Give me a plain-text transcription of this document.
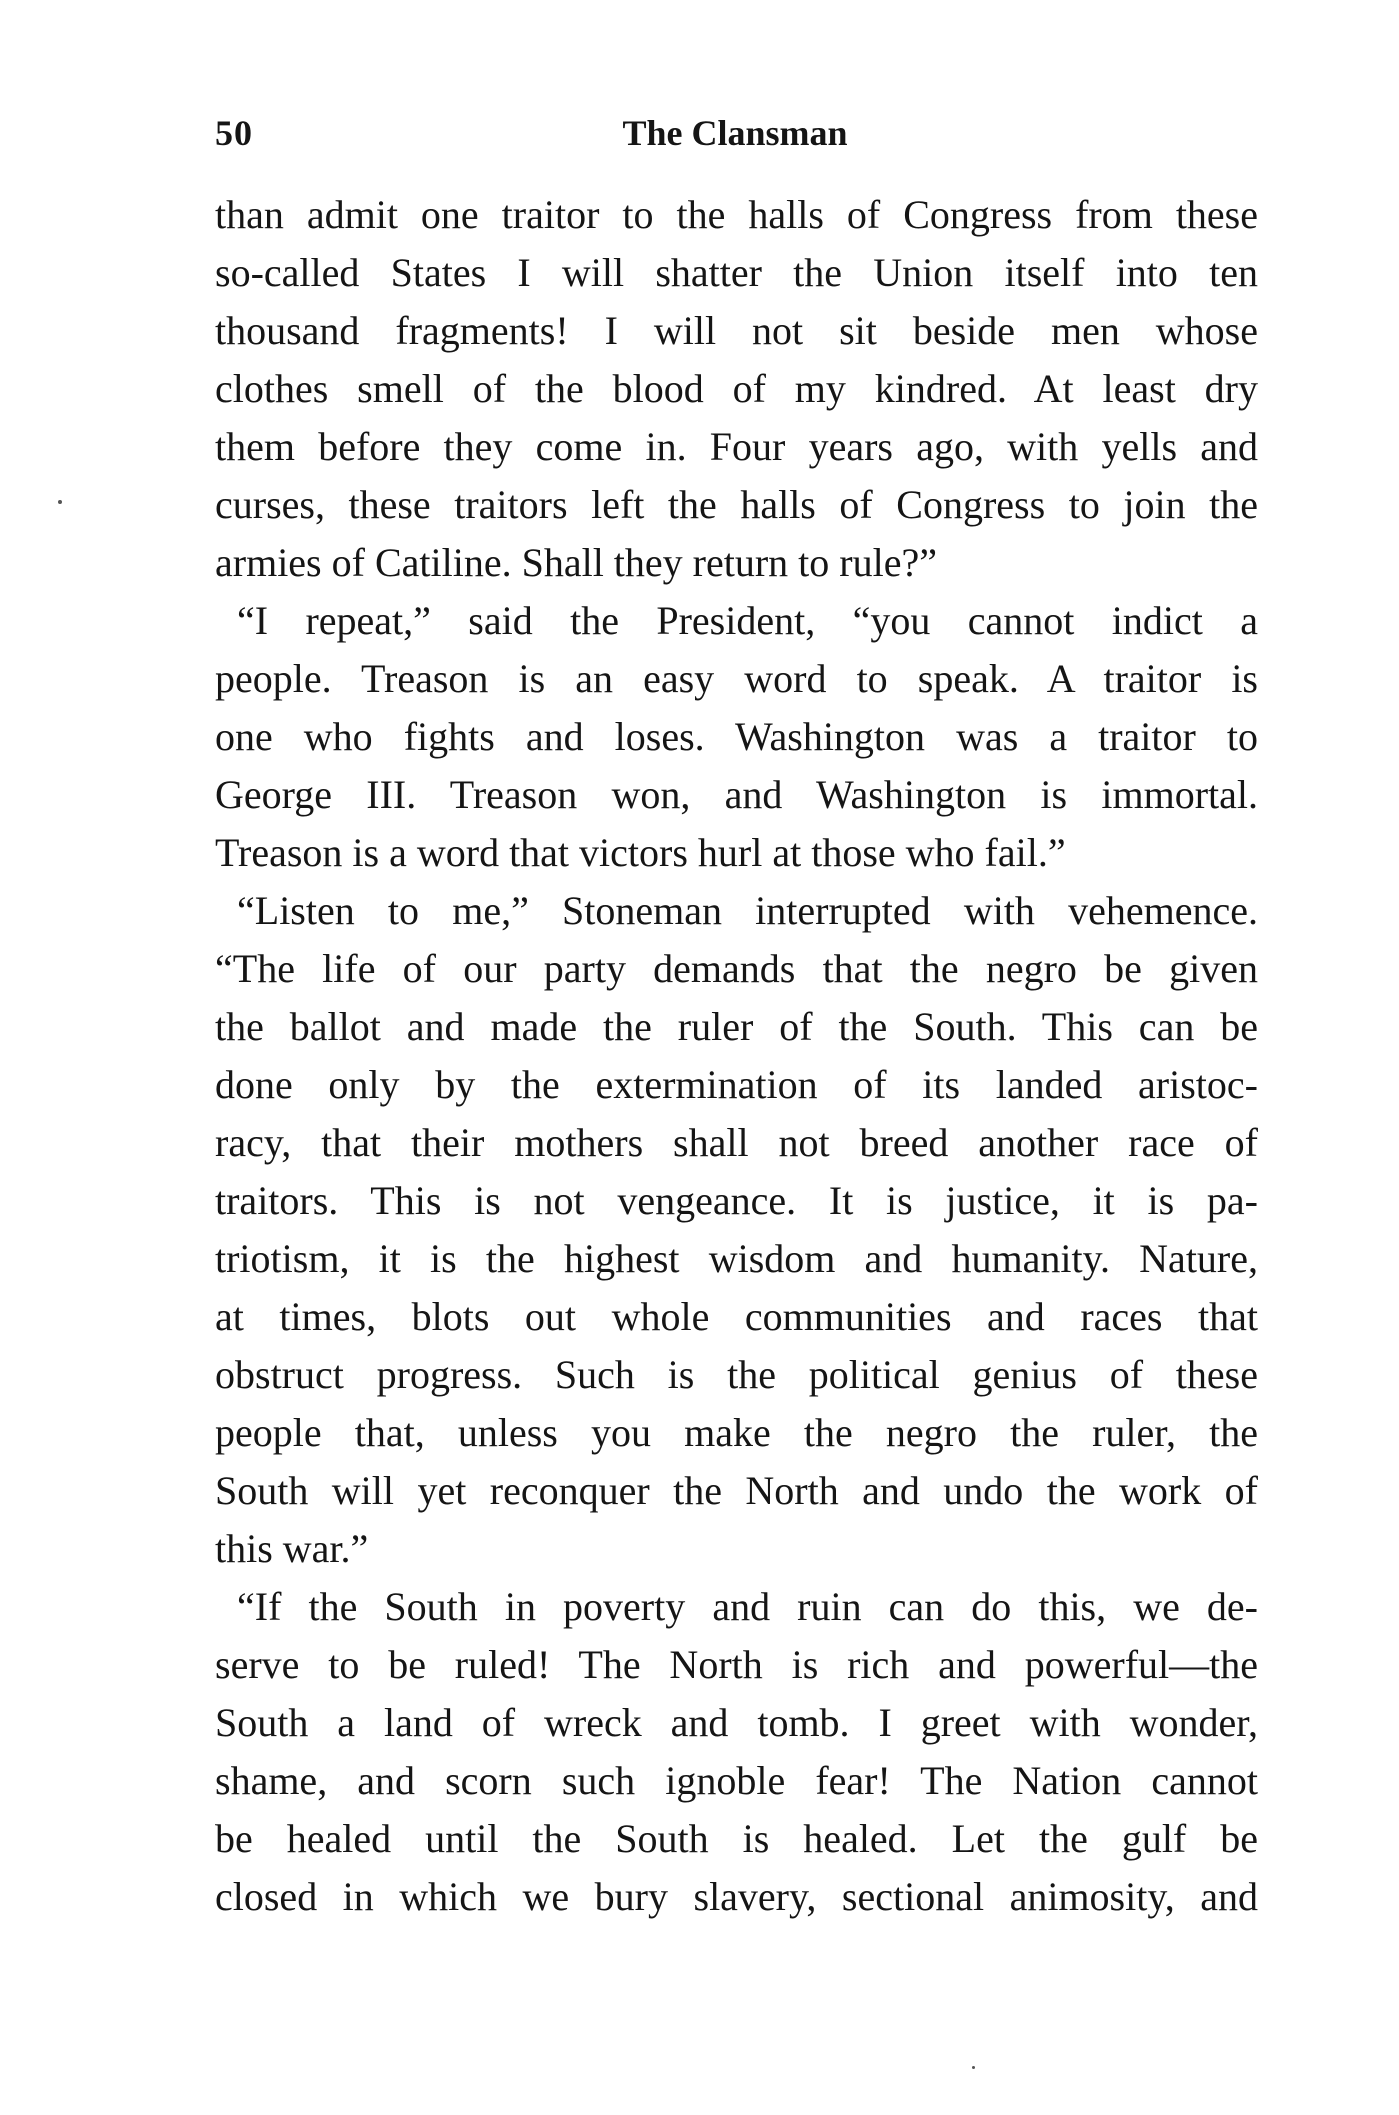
50	The Clansman
than admit one traitor to the halls of Congress from these
so-called States I will shatter the Union itself into ten
thousand fragments! I will not sit beside men whose
clothes smell of the blood of my kindred. At least dry
them before they come in. Four years ago, with yells and
curses, these traitors left the halls of Congress to join the
armies of Catiline. Shall they return to rule?”
“I repeat,” said the President, “you cannot indict a
people. Treason is an easy word to speak. A traitor is
one who fights and loses. Washington was a traitor to
George III. Treason won, and Washington is immortal.
Treason is a word that victors hurl at those who fail.”
“Listen to me,” Stoneman interrupted with vehemence.
“The life of our party demands that the negro be given
the ballot and made the ruler of the South. This can be
done only by the extermination of its landed aristoc-
racy, that their mothers shall not breed another race of
traitors. This is not vengeance. It is justice, it is pa-
triotism, it is the highest wisdom and humanity. Nature,
at times, blots out whole communities and races that
obstruct progress. Such is the political genius of these
people that, unless you make the negro the ruler, the
South will yet reconquer the North and undo the work of
this war.”
“If the South in poverty and ruin can do this, we de-
serve to be ruled! The North is rich and powerful—the
South a land of wreck and tomb. I greet with wonder,
shame, and scorn such ignoble fear! The Nation cannot
be healed until the South is healed. Let the gulf be
closed in which we bury slavery, sectional animosity, and
